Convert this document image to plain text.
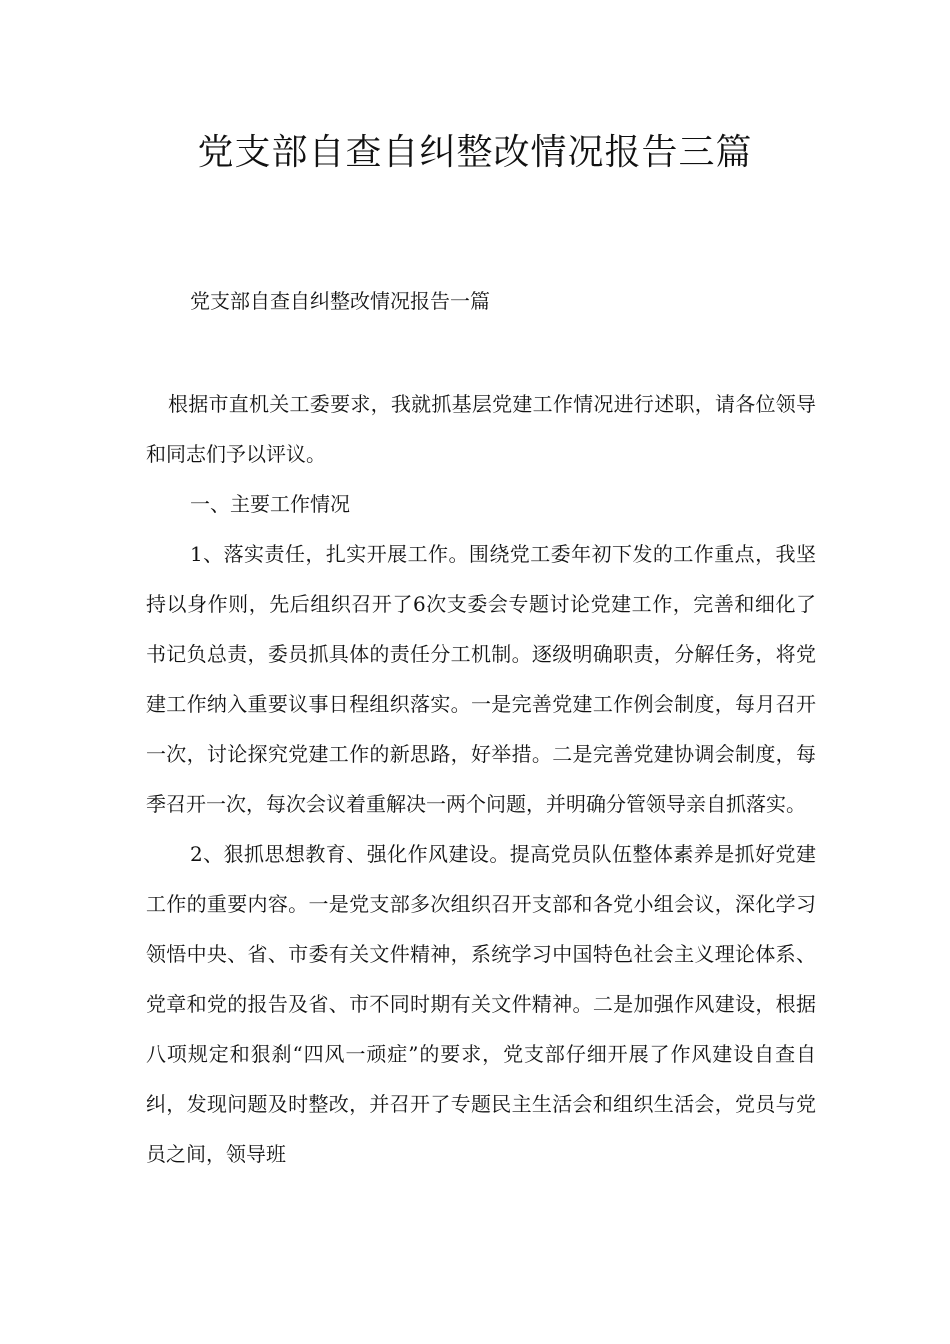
党支部自查自纠整改情况报告三篇
党支部自查自纠整改情况报告一篇

根据市直机关工委要求，我就抓基层党建工作情况进行述职，请各位领导和同志们予以评议。

一、主要工作情况

1、落实责任，扎实开展工作。围绕党工委年初下发的工作重点，我坚持以身作则，先后组织召开了6次支委会专题讨论党建工作，完善和细化了书记负总责，委员抓具体的责任分工机制。逐级明确职责，分解任务，将党建工作纳入重要议事日程组织落实。一是完善党建工作例会制度，每月召开一次，讨论探究党建工作的新思路，好举措。二是完善党建协调会制度，每季召开一次，每次会议着重解决一两个问题，并明确分管领导亲自抓落实。

2、狠抓思想教育、强化作风建设。提高党员队伍整体素养是抓好党建工作的重要内容。一是党支部多次组织召开支部和各党小组会议，深化学习领悟中央、省、市委有关文件精神，系统学习中国特色社会主义理论体系、党章和党的报告及省、市不同时期有关文件精神。二是加强作风建设，根据八项规定和狠刹“四风一顽症”的要求，党支部仔细开展了作风建设自查自纠，发现问题及时整改，并召开了专题民主生活会和组织生活会，党员与党员之间，领导班
